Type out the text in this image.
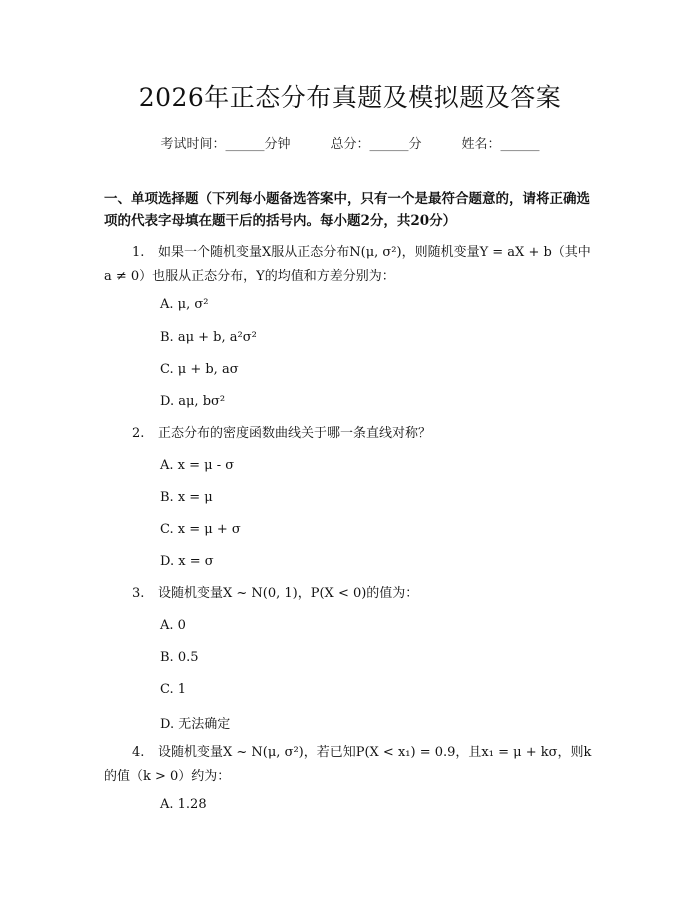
2026年正态分布真题及模拟题及答案
考试时间：______分钟	总分：______分	姓名：______
一、单项选择题（下列每小题备选答案中，只有一个是最符合题意的，请将正确选项的代表字母填在题干后的括号内。每小题2分，共20分）
1. 如果一个随机变量X服从正态分布N(μ, σ²)，则随机变量Y = aX + b（其中a ≠ 0）也服从正态分布，Y的均值和方差分别为：
A. μ, σ²
B. aμ + b, a²σ²
C. μ + b, aσ
D. aμ, bσ²
2. 正态分布的密度函数曲线关于哪一条直线对称？
A. x = μ - σ
B. x = μ
C. x = μ + σ
D. x = σ
3. 设随机变量X ~ N(0, 1)，P(X < 0)的值为：
A. 0
B. 0.5
C. 1
D. 无法确定
4. 设随机变量X ~ N(μ, σ²)，若已知P(X < x₁) = 0.9，且x₁ = μ + kσ，则k的值（k > 0）约为：
A. 1.28
